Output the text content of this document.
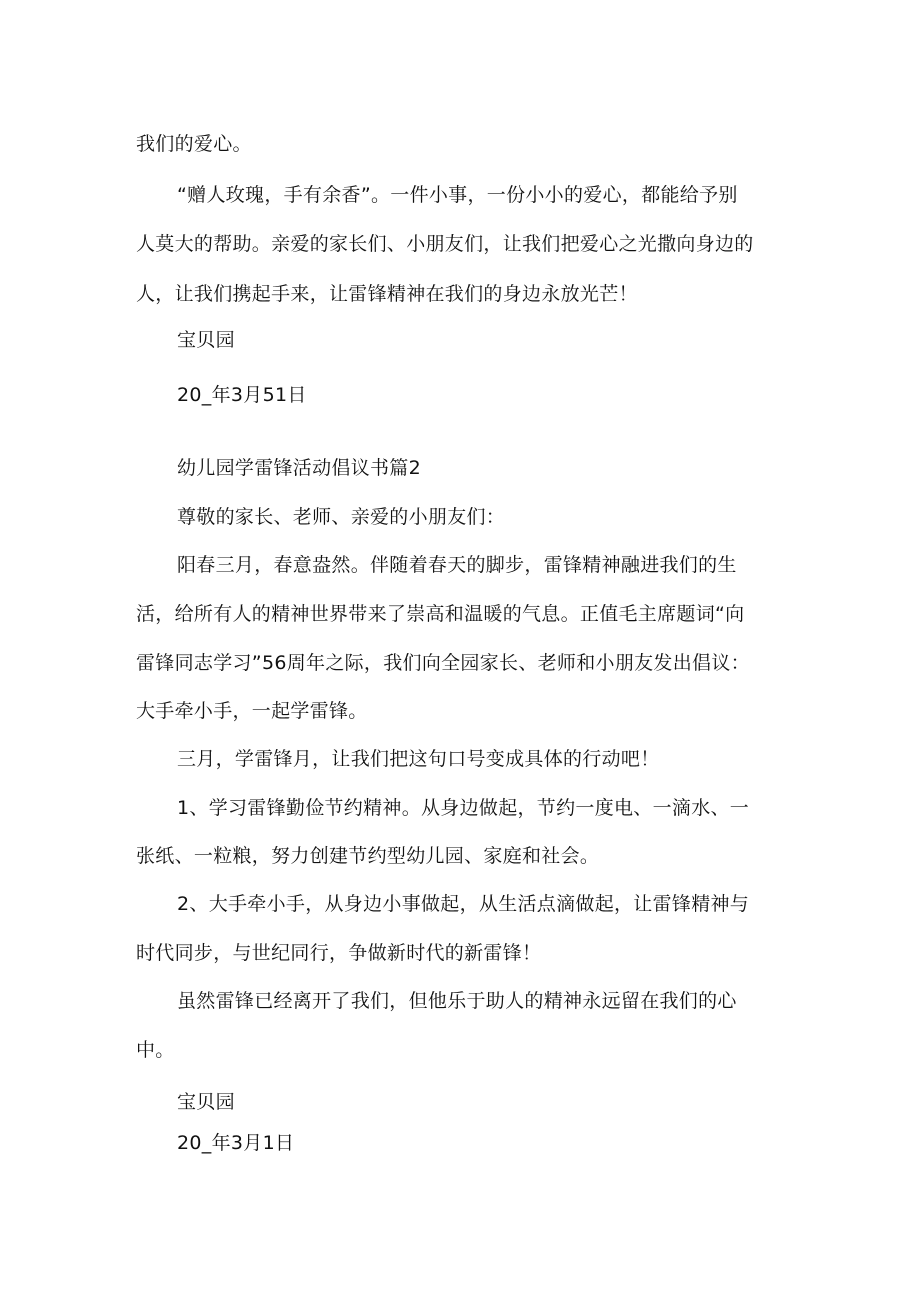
我们的爱心。
“赠人玫瑰，手有余香”。一件小事，一份小小的爱心，都能给予别
人莫大的帮助。亲爱的家长们、小朋友们，让我们把爱心之光撒向身边的
人，让我们携起手来，让雷锋精神在我们的身边永放光芒！
宝贝园
20_年3月51日
幼儿园学雷锋活动倡议书篇2
尊敬的家长、老师、亲爱的小朋友们：
阳春三月，春意盎然。伴随着春天的脚步，雷锋精神融进我们的生
活，给所有人的精神世界带来了崇高和温暖的气息。正值毛主席题词“向
雷锋同志学习”56周年之际，我们向全园家长、老师和小朋友发出倡议：
大手牵小手，一起学雷锋。
三月，学雷锋月，让我们把这句口号变成具体的行动吧！
1、学习雷锋勤俭节约精神。从身边做起，节约一度电、一滴水、一
张纸、一粒粮，努力创建节约型幼儿园、家庭和社会。
2、大手牵小手，从身边小事做起，从生活点滴做起，让雷锋精神与
时代同步，与世纪同行，争做新时代的新雷锋！
虽然雷锋已经离开了我们，但他乐于助人的精神永远留在我们的心
中。
宝贝园
20_年3月1日
